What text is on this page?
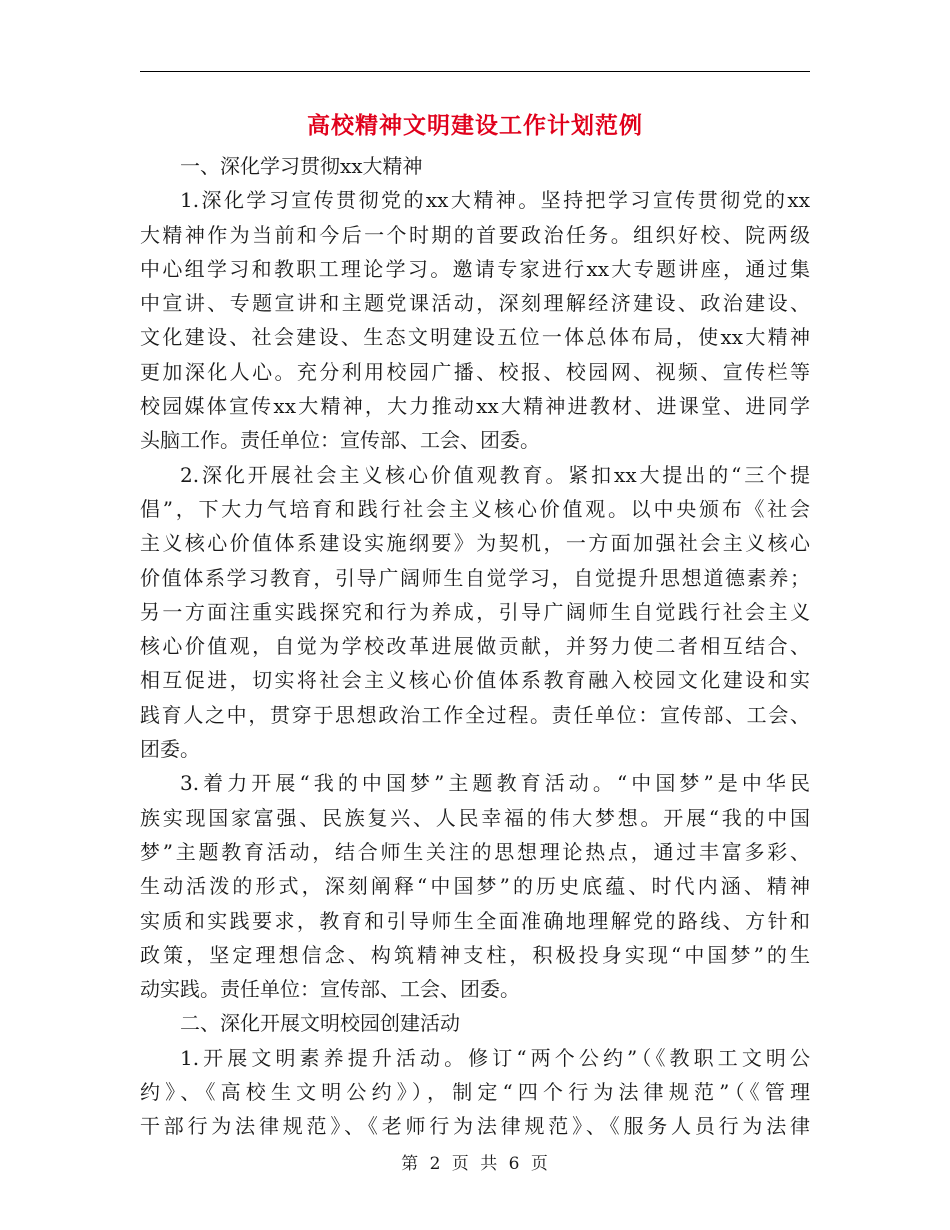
高校精神文明建设工作计划范例
一、深化学习贯彻xx大精神
1.深化学习宣传贯彻党的xx大精神。坚持把学习宣传贯彻党的xx
大精神作为当前和今后一个时期的首要政治任务。组织好校、院两级
中心组学习和教职工理论学习。邀请专家进行xx大专题讲座，通过集
中宣讲、专题宣讲和主题党课活动，深刻理解经济建设、政治建设、
文化建设、社会建设、生态文明建设五位一体总体布局，使xx大精神
更加深化人心。充分利用校园广播、校报、校园网、视频、宣传栏等
校园媒体宣传xx大精神，大力推动xx大精神进教材、进课堂、进同学
头脑工作。责任单位：宣传部、工会、团委。
2.深化开展社会主义核心价值观教育。紧扣xx大提出的“三个提
倡”，下大力气培育和践行社会主义核心价值观。以中央颁布《社会
主义核心价值体系建设实施纲要》为契机，一方面加强社会主义核心
价值体系学习教育，引导广阔师生自觉学习，自觉提升思想道德素养；
另一方面注重实践探究和行为养成，引导广阔师生自觉践行社会主义
核心价值观，自觉为学校改革进展做贡献，并努力使二者相互结合、
相互促进，切实将社会主义核心价值体系教育融入校园文化建设和实
践育人之中，贯穿于思想政治工作全过程。责任单位：宣传部、工会、
团委。
3.着力开展“我的中国梦”主题教育活动。“中国梦”是中华民
族实现国家富强、民族复兴、人民幸福的伟大梦想。开展“我的中国
梦”主题教育活动，结合师生关注的思想理论热点，通过丰富多彩、
生动活泼的形式，深刻阐释“中国梦”的历史底蕴、时代内涵、精神
实质和实践要求，教育和引导师生全面准确地理解党的路线、方针和
政策，坚定理想信念、构筑精神支柱，积极投身实现“中国梦”的生
动实践。责任单位：宣传部、工会、团委。
二、深化开展文明校园创建活动
1.开展文明素养提升活动。修订“两个公约”（《教职工文明公
约》、《高校生文明公约》），制定“四个行为法律规范”（《管理
干部行为法律规范》、《老师行为法律规范》、《服务人员行为法律
第 2 页 共 6 页
